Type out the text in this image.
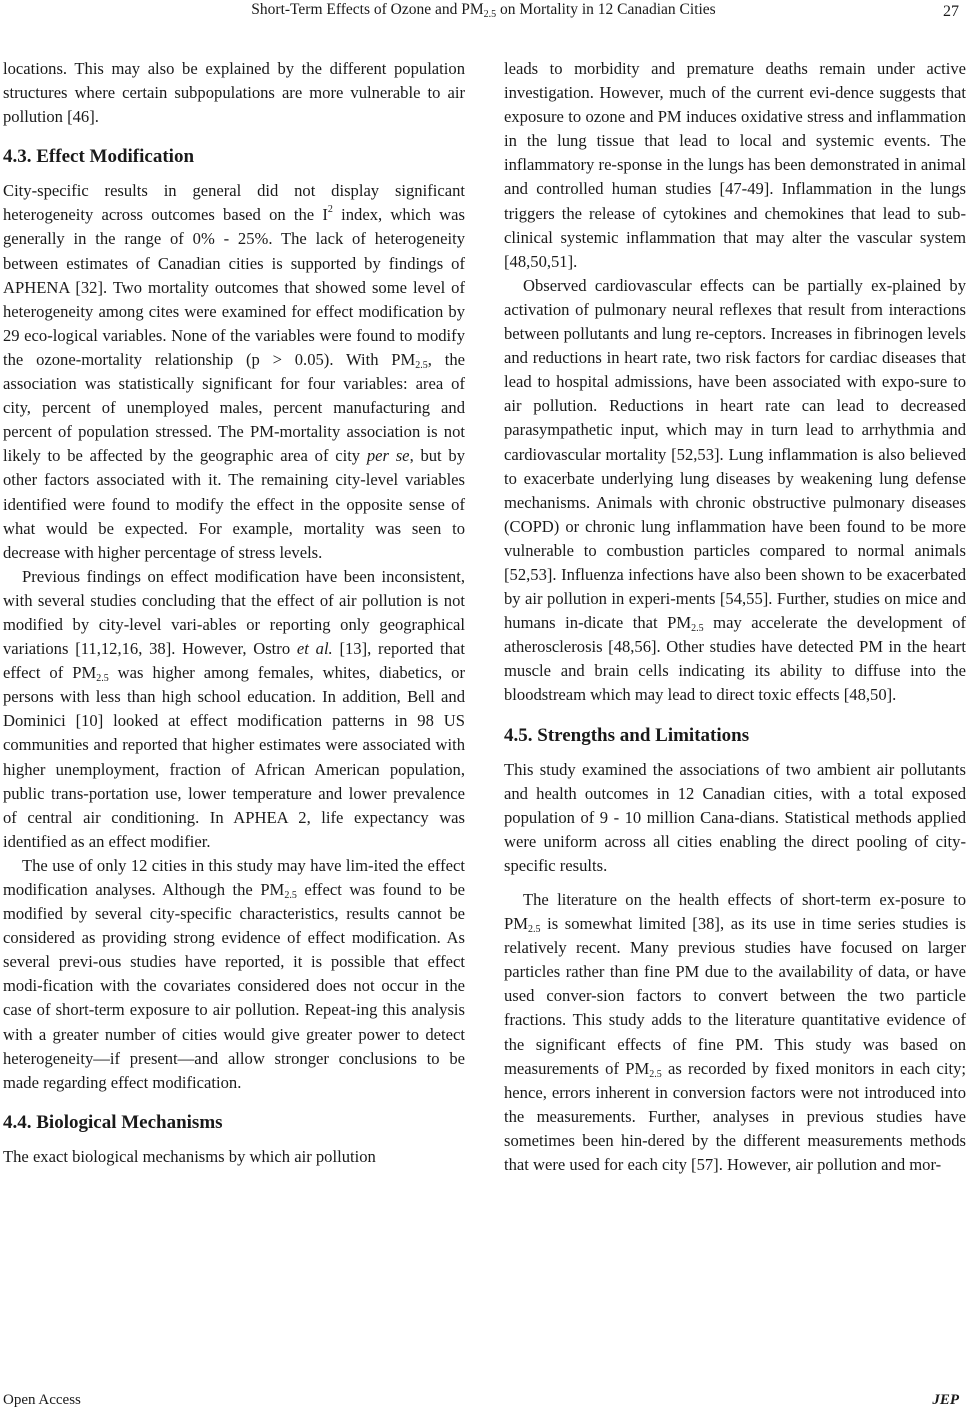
Short-Term Effects of Ozone and $PM_{2.5}$ on Mortality in 12 Canadian Cities	27

locations. This may also be explained by the different population structures where certain subpopulations are more vulnerable to air pollution [46].

4.3. Effect Modification

City-specific results in general did not display significant heterogeneity across outcomes based on the $I^2$ index, which was generally in the range of 0% - 25%. The lack of heterogeneity between estimates of Canadian cities is supported by findings of APHENA [32]. Two mortality outcomes that showed some level of heterogeneity among cites were examined for effect modification by 29 eco-logical variables. None of the variables were found to modify the ozone-mortality relationship (p > 0.05). With $PM_{2.5}$, the association was statistically significant for four variables: area of city, percent of unemployed males, percent manufacturing and percent of population stressed. The PM-mortality association is not likely to be affected by the geographic area of city per se, but by other factors associated with it. The remaining city-level variables identified were found to modify the effect in the opposite sense of what would be expected. For example, mortality was seen to decrease with higher percentage of stress levels.

Previous findings on effect modification have been inconsistent, with several studies concluding that the effect of air pollution is not modified by city-level vari-ables or reporting only geographical variations [11,12,16, 38]. However, Ostro et al. [13], reported that effect of $PM_{2.5}$ was higher among females, whites, diabetics, or persons with less than high school education. In addition, Bell and Dominici [10] looked at effect modification patterns in 98 US communities and reported that higher estimates were associated with higher unemployment, fraction of African American population, public trans-portation use, lower temperature and lower prevalence of central air conditioning. In APHEA 2, life expectancy was identified as an effect modifier.

The use of only 12 cities in this study may have lim-ited the effect modification analyses. Although the $PM_{2.5}$ effect was found to be modified by several city-specific characteristics, results cannot be considered as providing strong evidence of effect modification. As several previ-ous studies have reported, it is possible that effect modi-fication with the covariates considered does not occur in the case of short-term exposure to air pollution. Repeat-ing this analysis with a greater number of cities would give greater power to detect heterogeneity—if present—and allow stronger conclusions to be made regarding effect modification.

4.4. Biological Mechanisms

The exact biological mechanisms by which air pollution

leads to morbidity and premature deaths remain under active investigation. However, much of the current evi-dence suggests that exposure to ozone and PM induces oxidative stress and inflammation in the lung tissue that lead to local and systemic events. The inflammatory re-sponse in the lungs has been demonstrated in animal and controlled human studies [47-49]. Inflammation in the lungs triggers the release of cytokines and chemokines that lead to sub-clinical systemic inflammation that may alter the vascular system [48,50,51].

Observed cardiovascular effects can be partially ex-plained by activation of pulmonary neural reflexes that result from interactions between pollutants and lung re-ceptors. Increases in fibrinogen levels and reductions in heart rate, two risk factors for cardiac diseases that lead to hospital admissions, have been associated with expo-sure to air pollution. Reductions in heart rate can lead to decreased parasympathetic input, which may in turn lead to arrhythmia and cardiovascular mortality [52,53]. Lung inflammation is also believed to exacerbate underlying lung diseases by weakening lung defense mechanisms. Animals with chronic obstructive pulmonary diseases (COPD) or chronic lung inflammation have been found to be more vulnerable to combustion particles compared to normal animals [52,53]. Influenza infections have also been shown to be exacerbated by air pollution in experi-ments [54,55]. Further, studies on mice and humans in-dicate that $PM_{2.5}$ may accelerate the development of atherosclerosis [48,56]. Other studies have detected PM in the heart muscle and brain cells indicating its ability to diffuse into the bloodstream which may lead to direct toxic effects [48,50].

4.5. Strengths and Limitations

This study examined the associations of two ambient air pollutants and health outcomes in 12 Canadian cities, with a total exposed population of 9 - 10 million Cana-dians. Statistical methods applied were uniform across all cities enabling the direct pooling of city-specific results.

The literature on the health effects of short-term ex-posure to $PM_{2.5}$ is somewhat limited [38], as its use in time series studies is relatively recent. Many previous studies have focused on larger particles rather than fine PM due to the availability of data, or have used conver-sion factors to convert between the two particle fractions. This study adds to the literature quantitative evidence of the significant effects of fine PM. This study was based on measurements of $PM_{2.5}$ as recorded by fixed monitors in each city; hence, errors inherent in conversion factors were not introduced into the measurements. Further, analyses in previous studies have sometimes been hin-dered by the different measurements methods that were used for each city [57]. However, air pollution and mor-

Open Access	JEP
